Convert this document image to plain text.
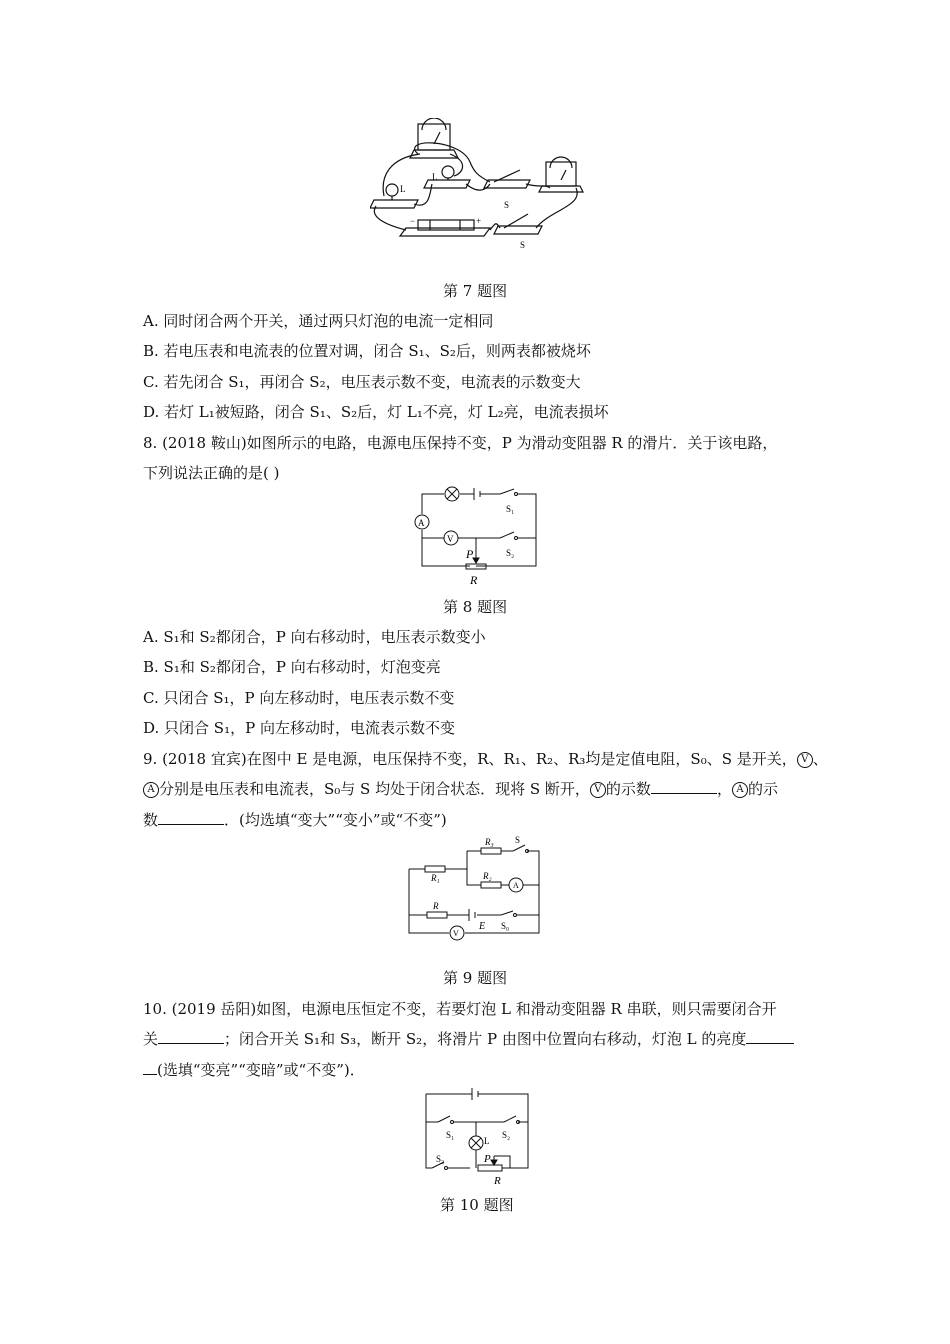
L
L
S
S
+
−
第 7 题图
A. 同时闭合两个开关，通过两只灯泡的电流一定相同
B. 若电压表和电流表的位置对调，闭合 S₁、S₂后，则两表都被烧坏
C. 若先闭合 S₁，再闭合 S₂，电压表示数不变，电流表的示数变大
D. 若灯 L₁被短路，闭合 S₁、S₂后，灯 L₁不亮，灯 L₂亮，电流表损坏
8. (2018 鞍山)如图所示的电路，电源电压保持不变，P 为滑动变阻器 R 的滑片．关于该电路，
下列说法正确的是( )
A
V
S₁
S₂
P
R
第 8 题图
A. S₁和 S₂都闭合，P 向右移动时，电压表示数变小
B. S₁和 S₂都闭合，P 向右移动时，灯泡变亮
C. 只闭合 S₁，P 向左移动时，电压表示数不变
D. 只闭合 S₁，P 向左移动时，电流表示数不变
9. (2018 宜宾)在图中 E 是电源，电压保持不变，R、R₁、R₂、R₃均是定值电阻，S₀、S 是开关， V 、
A 分别是电压表和电流表，S₀与 S 均处于闭合状态．现将 S 断开， V 的示数	， A 的示
数	．(均选填“变大”“变小”或“不变”)
R₃ S
R₁	R₂
A
R
E S₀
V
第 9 题图
10. (2019 岳阳)如图，电源电压恒定不变，若要灯泡 L 和滑动变阻器 R 串联，则只需要闭合开
关	；闭合开关 S₁和 S₃，断开 S₂，将滑片 P 由图中位置向右移动，灯泡 L 的亮度
(选填“变亮”“变暗”或“不变”)．
S₁	S₂
S₃
L
P
R
第 10 题图
